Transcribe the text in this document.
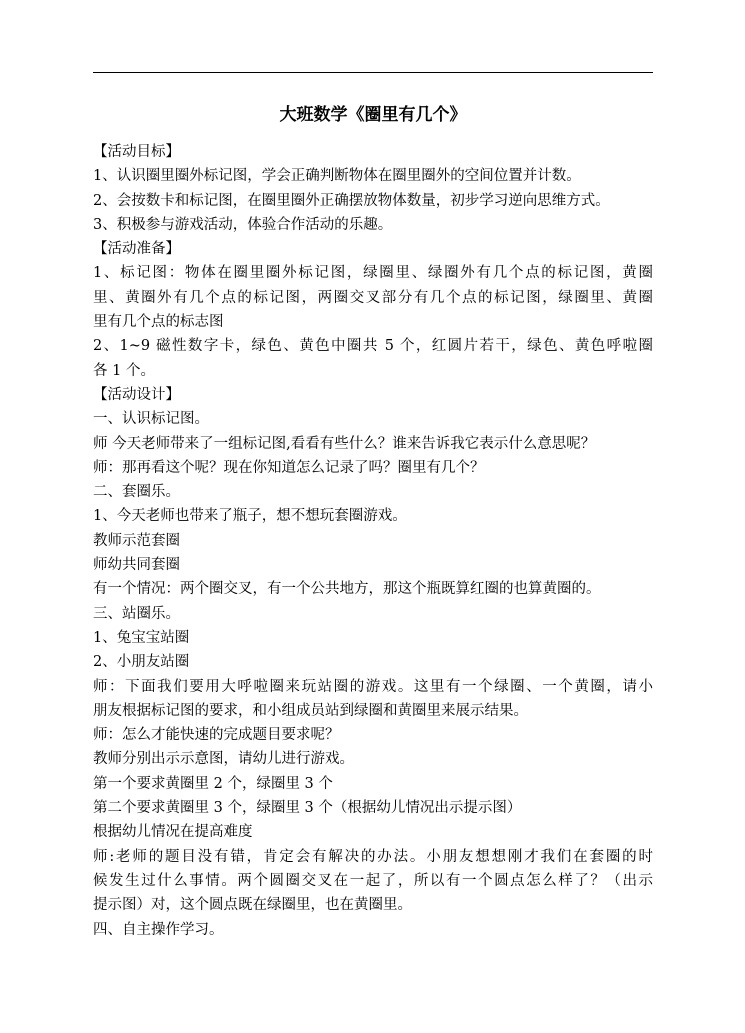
大班数学《圈里有几个》
【活动目标】
1、认识圈里圈外标记图，学会正确判断物体在圈里圈外的空间位置并计数。
2、会按数卡和标记图，在圈里圈外正确摆放物体数量，初步学习逆向思维方式。
3、积极参与游戏活动，体验合作活动的乐趣。
【活动准备】
1、标记图：物体在圈里圈外标记图，绿圈里、绿圈外有几个点的标记图，黄圈
里、黄圈外有几个点的标记图，两圈交叉部分有几个点的标记图，绿圈里、黄圈
里有几个点的标志图
2、1~9 磁性数字卡，绿色、黄色中圈共 5 个，红圆片若干，绿色、黄色呼啦圈
各 1 个。
【活动设计】
一、认识标记图。
师 今天老师带来了一组标记图,看看有些什么？谁来告诉我它表示什么意思呢？
师：那再看这个呢？现在你知道怎么记录了吗？圈里有几个？
二、套圈乐。
1、今天老师也带来了瓶子，想不想玩套圈游戏。
教师示范套圈
师幼共同套圈
有一个情况：两个圈交叉，有一个公共地方，那这个瓶既算红圈的也算黄圈的。
三、站圈乐。
1、兔宝宝站圈
2、小朋友站圈
师：下面我们要用大呼啦圈来玩站圈的游戏。这里有一个绿圈、一个黄圈，请小
朋友根据标记图的要求，和小组成员站到绿圈和黄圈里来展示结果。
师：怎么才能快速的完成题目要求呢？
教师分别出示示意图，请幼儿进行游戏。
第一个要求黄圈里 2 个，绿圈里 3 个
第二个要求黄圈里 3 个，绿圈里 3 个（根据幼儿情况出示提示图）
根据幼儿情况在提高难度
师:老师的题目没有错，肯定会有解决的办法。小朋友想想刚才我们在套圈的时
候发生过什么事情。两个圆圈交叉在一起了，所以有一个圆点怎么样了？（出示
提示图）对，这个圆点既在绿圈里，也在黄圈里。
四、自主操作学习。
